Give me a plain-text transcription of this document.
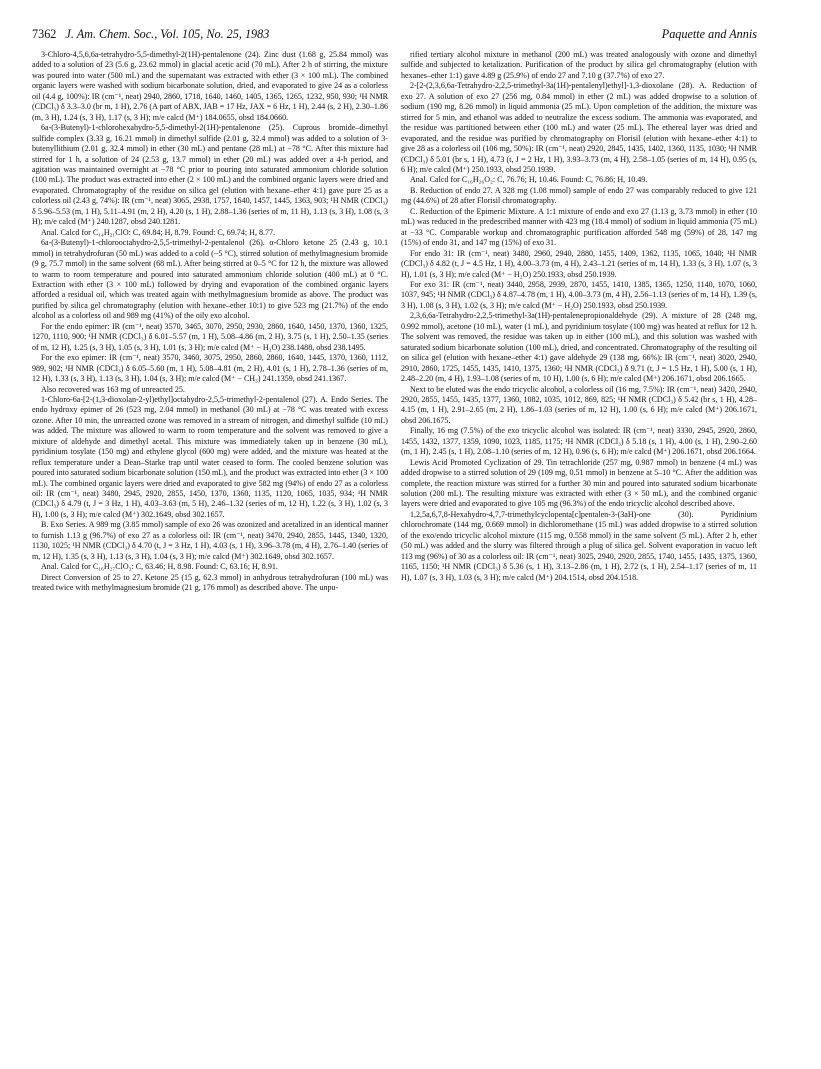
7362 J. Am. Chem. Soc., Vol. 105, No. 25, 1983	Paquette and Annis

3-Chloro-4,5,6,6a-tetrahydro-5,5-dimethyl-2(1H)-pentalenone (24). Zinc dust (1.68 g, 25.84 mmol) was added to a solution of 23 (5.6 g, 23.62 mmol) in glacial acetic acid (70 mL). After 2 h of stirring, the mixture was poured into water (500 mL) and the supernatant was extracted with ether (3 × 100 mL). The combined organic layers were washed with sodium bicarbonate solution, dried, and evaporated to give 24 as a colorless oil (4.4 g, 100%): IR (cm⁻¹, neat) 2940, 2860, 1718, 1640, 1460, 1405, 1365, 1265, 1232, 950, 930; ¹H NMR (CDCl₃) δ 3.3–3.0 (br m, 1 H), 2.76 (A part of ABX, JAB = 17 Hz, JAX = 6 Hz, 1 H), 2.44 (s, 2 H), 2.30–1.86 (m, 3 H), 1.24 (s, 3 H), 1.17 (s, 3 H); m/e calcd (M⁺) 184.0655, obsd 184.0660.

6a-(3-Butenyl)-1-chlorohexahydro-5,5-dimethyl-2(1H)-pentalenone (25). Cuprous bromide–dimethyl sulfide complex (3.33 g, 16.21 mmol) in dimethyl sulfide (2.01 g, 32.4 mmol) was added to a solution of 3-butenyllithium (2.01 g, 32.4 mmol) in ether (30 mL) and pentane (28 mL) at −78 °C. After this mixture had stirred for 1 h, a solution of 24 (2.53 g, 13.7 mmol) in ether (20 mL) was added over a 4-h period, and agitation was maintained overnight at −78 °C prior to pouring into saturated ammonium chloride solution (100 mL). The product was extracted into ether (2 × 100 mL) and the combined organic layers were dried and evaporated. Chromatography of the residue on silica gel (elution with hexane–ether 4:1) gave pure 25 as a colorless oil (2.43 g, 74%): IR (cm⁻¹, neat) 3065, 2938, 1757, 1640, 1457, 1445, 1363, 903; ¹H NMR (CDCl₃) δ 5.96–5.53 (m, 1 H), 5.11–4.91 (m, 2 H), 4.20 (s, 1 H), 2.88–1.36 (series of m, 11 H), 1.13 (s, 3 H), 1.08 (s, 3 H); m/e calcd (M⁺) 240.1287, obsd 240.1281.

Anal. Calcd for C₁₄H₂₁ClO: C, 69.84; H, 8.79. Found: C, 69.74; H, 8.77.

6a-(3-Butenyl)-1-chlorooctahydro-2,5,5-trimethyl-2-pentalenol (26). α-Chloro ketone 25 (2.43 g, 10.1 mmol) in tetrahydrofuran (50 mL) was added to a cold (−5 °C), stirred solution of methylmagnesium bromide (9 g, 75.7 mmol) in the same solvent (68 mL). After being stirred at 0–5 °C for 12 h, the mixture was allowed to warm to room temperature and poured into saturated ammonium chloride solution (400 mL) at 0 °C. Extraction with ether (3 × 100 mL) followed by drying and evaporation of the combined organic layers afforded a residual oil, which was treated again with methylmagnesium bromide as above. The product was purified by silica gel chromatography (elution with hexane–ether 10:1) to give 523 mg (21.7%) of the endo alcohol as a colorless oil and 989 mg (41%) of the oily exo alcohol.

For the endo epimer: IR (cm⁻¹, neat) 3570, 3465, 3070, 2950, 2930, 2860, 1640, 1450, 1370, 1360, 1325, 1270, 1110, 900; ¹H NMR (CDCl₃) δ 6.01–5.57 (m, 1 H), 5.08–4.86 (m, 2 H), 3.75 (s, 1 H), 2.50–1.35 (series of m, 12 H), 1.25 (s, 3 H), 1.05 (s, 3 H), 1.01 (s, 3 H); m/e calcd (M⁺ − H₂O) 238.1488, obsd 238.1495.

For the exo epimer: IR (cm⁻¹, neat) 3570, 3460, 3075, 2950, 2860, 2860, 1640, 1445, 1370, 1360, 1112, 989, 902; ¹H NMR (CDCl₃) δ 6.05–5.60 (m, 1 H), 5.08–4.81 (m, 2 H), 4.01 (s, 1 H), 2.78–1.36 (series of m, 12 H), 1.33 (s, 3 H), 1.13 (s, 3 H), 1.04 (s, 3 H); m/e calcd (M⁺ − CH₃) 241.1359, obsd 241.1367.

Also recovered was 163 mg of unreacted 25.

1-Chloro-6a-[2-(1,3-dioxolan-2-yl)ethyl]octahydro-2,5,5-trimethyl-2-pentalenol (27). A. Endo Series. The endo hydroxy epimer of 26 (523 mg, 2.04 mmol) in methanol (30 mL) at −78 °C was treated with excess ozone. After 10 min, the unreacted ozone was removed in a stream of nitrogen, and dimethyl sulfide (10 mL) was added. The mixture was allowed to warm to room temperature and the solvent was removed to give a mixture of aldehyde and dimethyl acetal. This mixture was immediately taken up in benzene (30 mL), pyridinium tosylate (150 mg) and ethylene glycol (600 mg) were added, and the mixture was heated at the reflux temperature under a Dean–Starke trap until water ceased to form. The cooled benzene solution was poured into saturated sodium bicarbonate solution (150 mL), and the product was extracted into ether (3 × 100 mL). The combined organic layers were dried and evaporated to give 582 mg (94%) of endo 27 as a colorless oil: IR (cm⁻¹, neat) 3480, 2945, 2920, 2855, 1450, 1370, 1360, 1135, 1120, 1065, 1035, 934; ¹H NMR (CDCl₃) δ 4.79 (t, J = 3 Hz, 1 H), 4.03–3.63 (m, 5 H), 2.46–1.32 (series of m, 12 H), 1.22 (s, 3 H), 1.02 (s, 3 H), 1.00 (s, 3 H); m/e calcd (M⁺) 302.1649, obsd 302.1657.

B. Exo Series. A 989 mg (3.85 mmol) sample of exo 26 was ozonized and acetalized in an identical manner to furnish 1.13 g (96.7%) of exo 27 as a colorless oil: IR (cm⁻¹, neat) 3470, 2940, 2855, 1445, 1340, 1320, 1130, 1025; ¹H NMR (CDCl₃) δ 4.70 (t, J = 3 Hz, 1 H), 4.03 (s, 1 H), 3.96–3.78 (m, 4 H), 2.76–1.40 (series of m, 12 H), 1.35 (s, 3 H), 1.13 (s, 3 H), 1.04 (s, 3 H); m/e calcd (M⁺) 302.1649, obsd 302.1657.

Anal. Calcd for C₁₆H₂₇ClO₃: C, 63.46; H, 8.98. Found: C, 63.16; H, 8.91.

Direct Conversion of 25 to 27. Ketone 25 (15 g, 62.3 mmol) in anhydrous tetrahydrofuran (100 mL) was treated twice with methylmagnesium bromide (21 g, 176 mmol) as described above. The unpu-

rified tertiary alcohol mixture in methanol (200 mL) was treated analogously with ozone and dimethyl sulfide and subjected to ketalization. Purification of the product by silica gel chromatography (elution with hexanes–ether 1:1) gave 4.89 g (25.9%) of endo 27 and 7.10 g (37.7%) of exo 27.

2-[2-(2,3,6,6a-Tetrahydro-2,2,5-trimethyl-3a(1H)-pentalenyl)ethyl]-1,3-dioxolane (28). A. Reduction of exo 27. A solution of exo 27 (256 mg, 0.84 mmol) in ether (2 mL) was added dropwise to a solution of sodium (190 mg, 8.26 mmol) in liquid ammonia (25 mL). Upon completion of the addition, the mixture was stirred for 5 min, and ethanol was added to neutralize the excess sodium. The ammonia was evaporated, and the residue was partitioned between ether (100 mL) and water (25 mL). The ethereal layer was dried and evaporated, and the residue was purified by chromatography on Florisil (elution with hexane–ether 4:1) to give 28 as a colorless oil (106 mg, 50%): IR (cm⁻¹, neat) 2920, 2845, 1435, 1402, 1360, 1135, 1030; ¹H NMR (CDCl₃) δ 5.01 (br s, 1 H), 4.73 (t, J = 2 Hz, 1 H), 3.93–3.73 (m, 4 H), 2.58–1.05 (series of m, 14 H), 0.95 (s, 6 H); m/e calcd (M⁺) 250.1933, obsd 250.1939.

Anal. Calcd for C₁₆H₂₆O₂: C, 76.76; H, 10.46. Found: C, 76.86; H, 10.49.

B. Reduction of endo 27. A 328 mg (1.08 mmol) sample of endo 27 was comparably reduced to give 121 mg (44.6%) of 28 after Florisil chromatography.

C. Reduction of the Epimeric Mixture. A 1:1 mixture of endo and exo 27 (1.13 g, 3.73 mmol) in ether (10 mL) was reduced in the predescribed manner with 423 mg (18.4 mmol) of sodium in liquid ammonia (75 mL) at −33 °C. Comparable workup and chromatographic purification afforded 548 mg (59%) of 28, 147 mg (15%) of endo 31, and 147 mg (15%) of exo 31.

For endo 31: IR (cm⁻¹, neat) 3480, 2960, 2940, 2880, 1455, 1409, 1362, 1135, 1065, 1040; ¹H NMR (CDCl₃) δ 4.82 (t, J = 4.5 Hz, 1 H), 4.00–3.73 (m, 4 H), 2.43–1.21 (series of m, 14 H), 1.33 (s, 3 H), 1.07 (s, 3 H), 1.01 (s, 3 H); m/e calcd (M⁺ − H₂O) 250.1933, obsd 250.1939.

For exo 31: IR (cm⁻¹, neat) 3440, 2958, 2939, 2870, 1455, 1410, 1385, 1365, 1250, 1140, 1070, 1060, 1037, 945; ¹H NMR (CDCl₃) δ 4.87–4.78 (m, 1 H), 4.00–3.73 (m, 4 H), 2.56–1.13 (series of m, 14 H), 1.39 (s, 3 H), 1.08 (s, 3 H), 1.02 (s, 3 H); m/e calcd (M⁺ − H₂O) 250.1933, obsd 250.1939.

2,3,6,6a-Tetrahydro-2,2,5-trimethyl-3a(1H)-pentalenepropionaldehyde (29). A mixture of 28 (248 mg, 0.992 mmol), acetone (10 mL), water (1 mL), and pyridinium tosylate (100 mg) was heated at reflux for 12 h. The solvent was removed, the residue was taken up in either (100 mL), and this solution was washed with saturated sodium bicarbonate solution (100 mL), dried, and concentrated. Chromatography of the resulting oil on silica gel (elution with hexane–ether 4:1) gave aldehyde 29 (138 mg, 66%): IR (cm⁻¹, neat) 3020, 2940, 2910, 2860, 1725, 1455, 1435, 1410, 1375, 1360; ¹H NMR (CDCl₃) δ 9.71 (t, J = 1.5 Hz, 1 H), 5.00 (s, 1 H), 2.48–2.20 (m, 4 H), 1.93–1.08 (series of m, 10 H), 1.00 (s, 6 H); m/e calcd (M⁺) 206.1671, obsd 206.1665.

Next to be eluted was the endo tricyclic alcohol, a colorless oil (16 mg, 7.5%): IR (cm⁻¹, neat) 3420, 2940, 2920, 2855, 1455, 1435, 1377, 1360, 1082, 1035, 1012, 869, 825; ¹H NMR (CDCl₃) δ 5.42 (br s, 1 H), 4.28–4.15 (m, 1 H), 2.91–2.65 (m, 2 H), 1.86–1.03 (series of m, 12 H), 1.00 (s, 6 H); m/e calcd (M⁺) 206.1671, obsd 206.1675.

Finally, 16 mg (7.5%) of the exo tricyclic alcohol was isolated: IR (cm⁻¹, neat) 3330, 2945, 2920, 2860, 1455, 1432, 1377, 1359, 1090, 1023, 1185, 1175; ¹H NMR (CDCl₃) δ 5.18 (s, 1 H), 4.00 (s, 1 H), 2.90–2.60 (m, 1 H), 2.45 (s, 1 H), 2.08–1.10 (series of m, 12 H), 0.96 (s, 6 H); m/e calcd (M⁺) 206.1671, obsd 206.1664.

Lewis Acid Promoted Cyclization of 29. Tin tetrachloride (257 mg, 0.987 mmol) in benzene (4 mL) was added dropwise to a stirred solution of 29 (109 mg, 0.51 mmol) in benzene at 5–10 °C. After the addition was complete, the reaction mixture was stirred for a further 30 min and poured into saturated sodium bicarbonate solution (200 mL). The resulting mixture was extracted with ether (3 × 50 mL), and the combined organic layers were dried and evaporated to give 105 mg (96.3%) of the endo tricyclic alcohol described above.

1,2,5a,6,7,8-Hexahydro-4,7,7-trimethylcyclopenta[c]pentalen-3-(3aH)-one (30). Pyridinium chlorochromate (144 mg, 0.669 mmol) in dichloromethane (15 mL) was added dropwise to a stirred solution of the exo/endo tricyclic alcohol mixture (115 mg, 0.558 mmol) in the same solvent (5 mL). After 2 h, ether (50 mL) was added and the slurry was filtered through a plug of silica gel. Solvent evaporation in vacuo left 113 mg (96%) of 30 as a colorless oil: IR (cm⁻¹, neat) 3025, 2940, 2920, 2855, 1740, 1455, 1435, 1375, 1360, 1165, 1150; ¹H NMR (CDCl₃) δ 5.36 (s, 1 H), 3.13–2.86 (m, 1 H), 2.72 (s, 1 H), 2.54–1.17 (series of m, 11 H), 1.07 (s, 3 H), 1.03 (s, 3 H); m/e calcd (M⁺) 204.1514, obsd 204.1518.
